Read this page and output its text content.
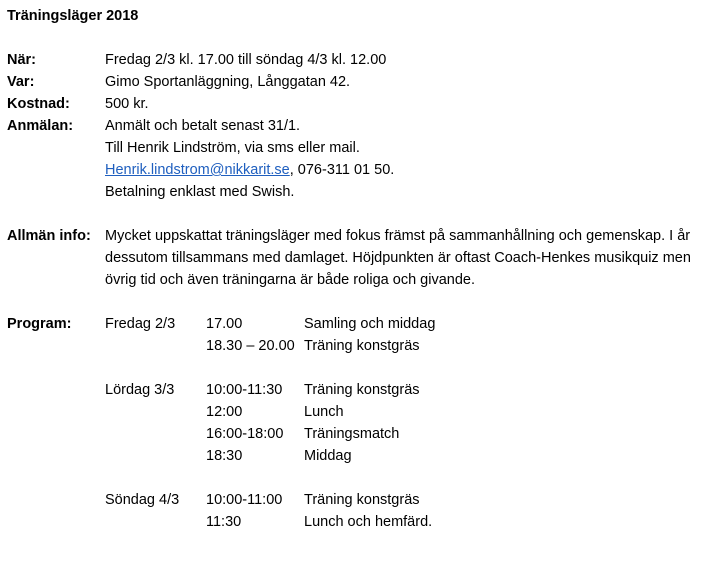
Träningsläger 2018
När:	Fredag 2/3 kl. 17.00 till söndag 4/3 kl. 12.00
Var:	Gimo Sportanläggning, Långgatan 42.
Kostnad: 500 kr.
Anmälan: Anmält och betalt senast 31/1.
Till Henrik Lindström, via sms eller mail.
Henrik.lindstrom@nikkarit.se, 076-311 01 50.
Betalning enklast med Swish.
Allmän info: Mycket uppskattat träningsläger med fokus främst på sammanhållning och gemenskap. I år dessutom tillsammans med damlaget. Höjdpunkten är oftast Coach-Henkes musikquiz men övrig tid och även träningarna är både roliga och givande.
Program: Fredag 2/3 17.00	Samling och middag
18.30 – 20.00 Träning konstgräs
Lördag 3/3 10:00-11:30 Träning konstgräs
12:00	Lunch
16:00-18:00 Träningsmatch
18:30	Middag
Söndag 4/3 10:00-11:00 Träning konstgräs
11:30	Lunch och hemfärd.
